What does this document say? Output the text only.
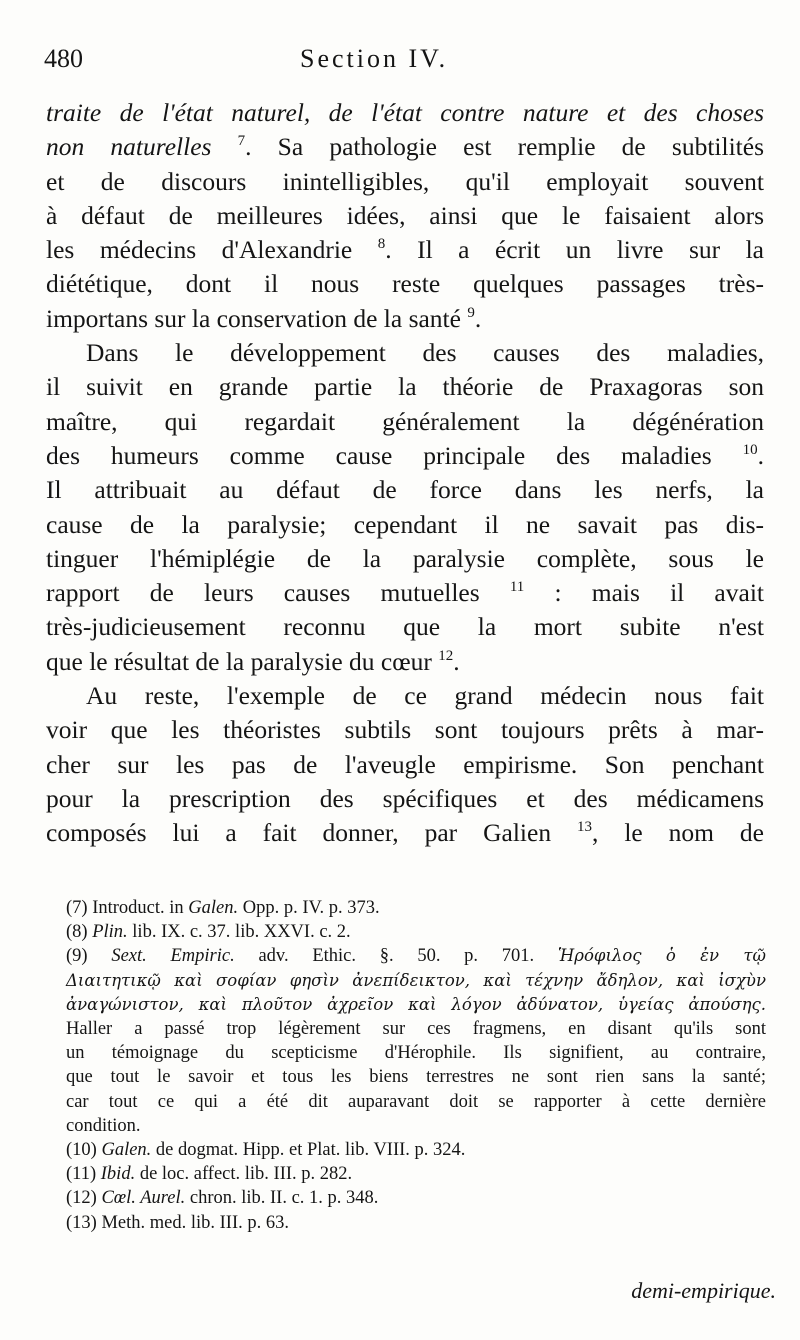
480	Section IV.

traite de l'état naturel, de l'état contre nature et des choses
non naturelles $^7$. Sa pathologie est remplie de subtilités
et de discours inintelligibles, qu'il employait souvent
à défaut de meilleures idées, ainsi que le faisaient alors
les médecins d'Alexandrie $^8$. Il a écrit un livre sur la
diététique, dont il nous reste quelques passages très-
importans sur la conservation de la santé $^9$.

Dans le développement des causes des maladies,
il suivit en grande partie la théorie de Praxagoras son
maître, qui regardait généralement la dégénération
des humeurs comme cause principale des maladies $^{10}$.
Il attribuait au défaut de force dans les nerfs, la
cause de la paralysie; cependant il ne savait pas dis-
tinguer l'hémiplégie de la paralysie complète, sous le
rapport de leurs causes mutuelles $^{11}$ : mais il avait
très-judicieusement reconnu que la mort subite n'est
que le résultat de la paralysie du cœur $^{12}$.

Au reste, l'exemple de ce grand médecin nous fait
voir que les théoristes subtils sont toujours prêts à mar-
cher sur les pas de l'aveugle empirisme. Son penchant
pour la prescription des spécifiques et des médicamens
composés lui a fait donner, par Galien $^{13}$, le nom de

(7) Introduct. in Galen. Opp. p. IV. p. 373.
(8) Plin. lib. IX. c. 37. lib. XXVI. c. 2.
(9) Sext. Empiric. adv. Ethic. §. 50. p. 701. Ἡρόφιλος ὁ ἐν τῷ
Διαιτητικῷ καὶ σοφίαν φησὶν ἀνεπίδεικτον, καὶ τέχνην ἄδηλον, καὶ ἰσχὺν
ἀναγώνιστον, καὶ πλοῦτον ἀχρεῖον καὶ λόγον ἀδύνατον, ὑγείας ἀπούσης.
Haller a passé trop légèrement sur ces fragmens, en disant qu'ils sont
un témoignage du scepticisme d'Hérophile. Ils signifient, au contraire,
que tout le savoir et tous les biens terrestres ne sont rien sans la santé;
car tout ce qui a été dit auparavant doit se rapporter à cette dernière
condition.
(10) Galen. de dogmat. Hipp. et Plat. lib. VIII. p. 324.
(11) Ibid. de loc. affect. lib. III. p. 282.
(12) Cœl. Aurel. chron. lib. II. c. 1. p. 348.
(13) Meth. med. lib. III. p. 63.
demi-empirique.
